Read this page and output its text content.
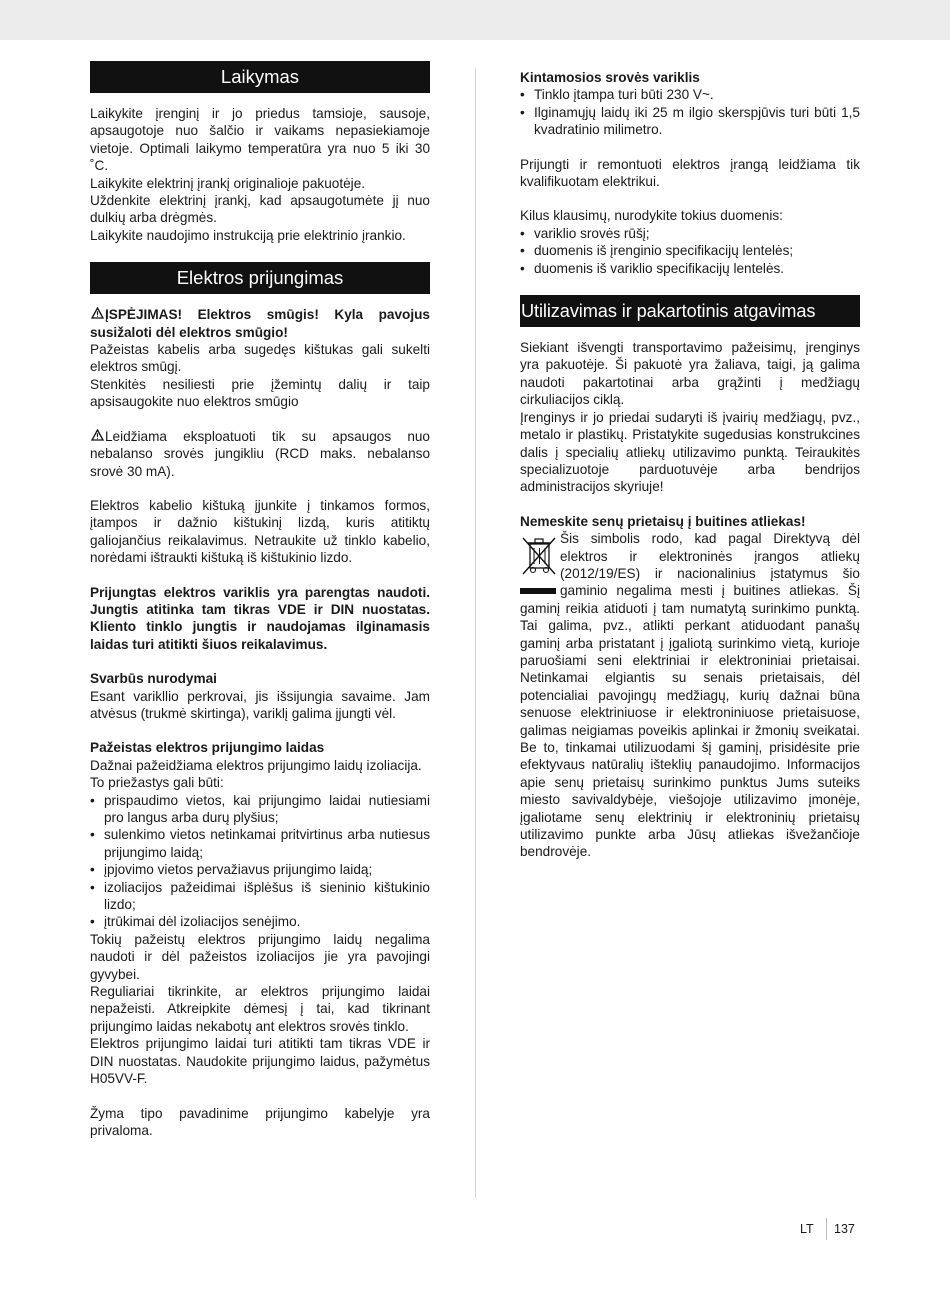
Laikymas

Laikykite įrenginį ir jo priedus tamsioje, sausoje, apsaugotoje nuo šalčio ir vaikams nepasiekiamoje vietoje. Optimali laikymo temperatūra yra nuo 5 iki 30 ˚C.

Laikykite elektrinį įrankį originalioje pakuotėje.

Uždenkite elektrinį įrankį, kad apsaugotumėte jį nuo dulkių arba drėgmės.

Laikykite naudojimo instrukciją prie elektrinio įrankio.

Elektros prijungimas

ĮSPĖJIMAS! Elektros smūgis! Kyla pavojus susižaloti dėl elektros smūgio!

Pažeistas kabelis arba sugedęs kištukas gali sukelti elektros smūgį.

Stenkitės nesiliesti prie įžemintų dalių ir taip apsisaugokite nuo elektros smūgio

Leidžiama eksploatuoti tik su apsaugos nuo nebalanso srovės jungikliu (RCD maks. nebalanso srovė 30 mA).

Elektros kabelio kištuką įjunkite į tinkamos formos, įtampos ir dažnio kištukinį lizdą, kuris atitiktų galiojančius reikalavimus. Netraukite už tinklo kabelio, norėdami ištraukti kištuką iš kištukinio lizdo.

Prijungtas elektros variklis yra parengtas naudoti. Jungtis atitinka tam tikras VDE ir DIN nuostatas. Kliento tinklo jungtis ir naudojamas ilginamasis laidas turi atitikti šiuos reikalavimus.

Svarbūs nurodymai

Esant varikllio perkrovai, jis išsijungia savaime. Jam atvėsus (trukmė skirtinga), variklį galima įjungti vėl.

Pažeistas elektros prijungimo laidas

Dažnai pažeidžiama elektros prijungimo laidų izoliacija.

To priežastys gali būti:

• prispaudimo vietos, kai prijungimo laidai nutiesiami pro langus arba durų plyšius;
• sulenkimo vietos netinkamai pritvirtinus arba nutiesus prijungimo laidą;
• įpjovimo vietos pervažiavus prijungimo laidą;
• izoliacijos pažeidimai išplėšus iš sieninio kištukinio lizdo;
• įtrūkimai dėl izoliacijos senėjimo.

Tokių pažeistų elektros prijungimo laidų negalima naudoti ir dėl pažeistos izoliacijos jie yra pavojingi gyvybei.

Reguliariai tikrinkite, ar elektros prijungimo laidai nepažeisti. Atkreipkite dėmesį į tai, kad tikrinant prijungimo laidas nekabotų ant elektros srovės tinklo.

Elektros prijungimo laidai turi atitikti tam tikras VDE ir DIN nuostatas. Naudokite prijungimo laidus, pažymėtus H05VV-F.

Žyma tipo pavadinime prijungimo kabelyje yra privaloma.

Kintamosios srovės variklis

• Tinklo įtampa turi būti 230 V~.
• Ilginamųjų laidų iki 25 m ilgio skerspjūvis turi būti 1,5 kvadratinio milimetro.

Prijungti ir remontuoti elektros įrangą leidžiama tik kvalifikuotam elektrikui.

Kilus klausimų, nurodykite tokius duomenis:

• variklio srovės rūšį;
• duomenis iš įrenginio specifikacijų lentelės;
• duomenis iš variklio specifikacijų lentelės.
Utilizavimas ir pakartotinis atgavimas

Siekiant išvengti transportavimo pažeisimų, įrenginys yra pakuotėje. Ši pakuotė yra žaliava, taigi, ją galima naudoti pakartotinai arba grąžinti į medžiagų cirkuliacijos ciklą.

Įrenginys ir jo priedai sudaryti iš įvairių medžiagų, pvz., metalo ir plastikų. Pristatykite sugedusias konstrukcines dalis į specialių atliekų utilizavimo punktą. Teiraukitės specializuotoje parduotuvėje arba bendrijos administracijos skyriuje!

Nemeskite senų prietaisų į buitines atliekas!

Šis simbolis rodo, kad pagal Direktyvą dėl elektros ir elektroninės įrangos atliekų (2012/19/ES) ir nacionalinius įstatymus šio gaminio negalima mesti į buitines atliekas. Šį gaminį reikia atiduoti į tam numatytą surinkimo punktą. Tai galima, pvz., atlikti perkant atiduodant panašų gaminį arba pristatant į įgaliotą surinkimo vietą, kurioje paruošiami seni elektriniai ir elektroniniai prietaisai. Netinkamai elgiantis su senais prietaisais, dėl potencialiai pavojingų medžiagų, kurių dažnai būna senuose elektriniuose ir elektroniniuose prietaisuose, galimas neigiamas poveikis aplinkai ir žmonių sveikatai. Be to, tinkamai utilizuodami šį gaminį, prisidėsite prie efektyvaus natūralių išteklių panaudojimo. Informacijos apie senų prietaisų surinkimo punktus Jums suteiks miesto savivaldybėje, viešojoje utilizavimo įmonėje, įgaliotame senų elektrinių ir elektroninių prietaisų utilizavimo punkte arba Jūsų atliekas išvežančioje bendrovėje.

LT 137
